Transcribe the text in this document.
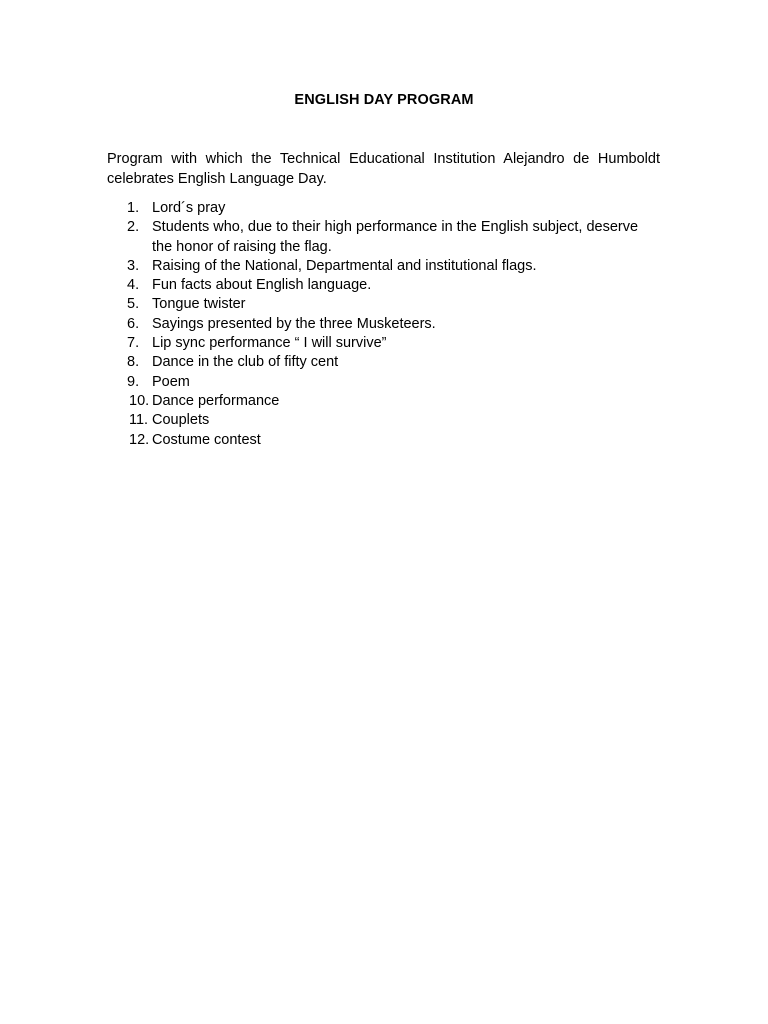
ENGLISH DAY PROGRAM

Program with which the Technical Educational Institution Alejandro de Humboldt celebrates English Language Day.

1. Lord´s pray
2. Students who, due to their high performance in the English subject, deserve the honor of raising the flag.
3. Raising of the National, Departmental and institutional flags.
4. Fun facts about English language.
5. Tongue twister
6. Sayings presented by the three Musketeers.
7. Lip sync performance “ I will survive”
8. Dance in the club of fifty cent
9. Poem
10. Dance performance
11. Couplets
12. Costume contest
